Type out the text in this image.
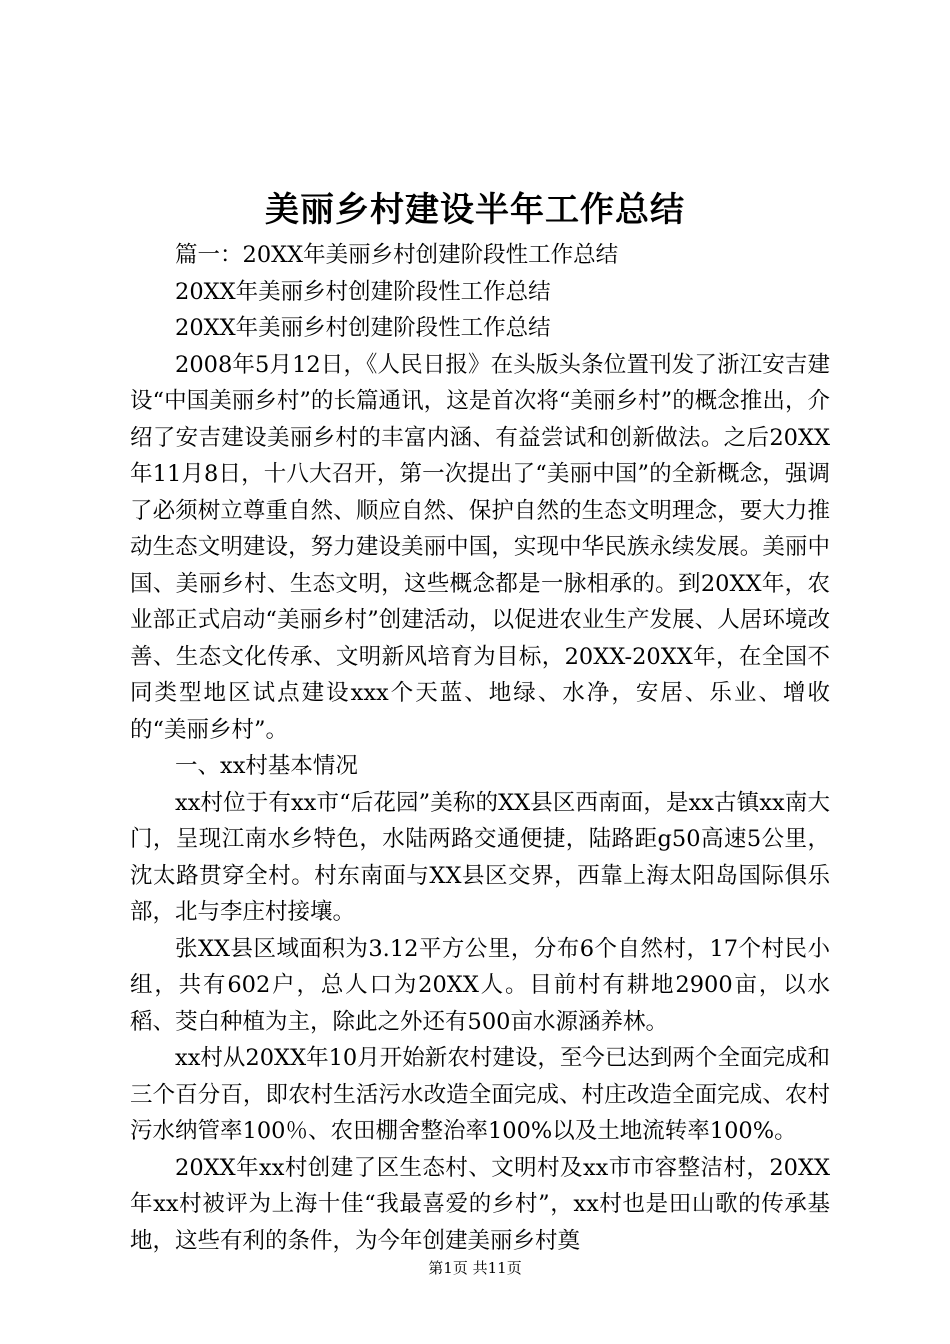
美丽乡村建设半年工作总结

篇一：20XX年美丽乡村创建阶段性工作总结

20XX年美丽乡村创建阶段性工作总结

20XX年美丽乡村创建阶段性工作总结

2008年5月12日，《人民日报》在头版头条位置刊发了浙江安吉建设“中国美丽乡村”的长篇通讯，这是首次将“美丽乡村”的概念推出，介绍了安吉建设美丽乡村的丰富内涵、有益尝试和创新做法。之后20XX年11月8日，十八大召开，第一次提出了“美丽中国”的全新概念，强调了必须树立尊重自然、顺应自然、保护自然的生态文明理念，要大力推动生态文明建设，努力建设美丽中国，实现中华民族永续发展。美丽中国、美丽乡村、生态文明，这些概念都是一脉相承的。到20XX年，农业部正式启动“美丽乡村”创建活动，以促进农业生产发展、人居环境改善、生态文化传承、文明新风培育为目标，20XX-20XX年，在全国不同类型地区试点建设xxx个天蓝、地绿、水净，安居、乐业、增收的“美丽乡村”。

一、xx村基本情况

xx村位于有xx市“后花园”美称的XX县区西南面，是xx古镇xx南大门，呈现江南水乡特色，水陆两路交通便捷，陆路距g50高速5公里，沈太路贯穿全村。村东南面与XX县区交界，西靠上海太阳岛国际俱乐部，北与李庄村接壤。

张XX县区域面积为3.12平方公里，分布6个自然村，17个村民小组，共有602户，总人口为20XX人。目前村有耕地2900亩，以水稻、茭白种植为主，除此之外还有500亩水源涵养林。

xx村从20XX年10月开始新农村建设，至今已达到两个全面完成和三个百分百，即农村生活污水改造全面完成、村庄改造全面完成、农村污水纳管率100％、农田棚舍整治率100%以及土地流转率100%。

20XX年xx村创建了区生态村、文明村及xx市市容整洁村，20XX年xx村被评为上海十佳“我最喜爱的乡村”，xx村也是田山歌的传承基地，这些有利的条件，为今年创建美丽乡村奠

第1页 共11页
